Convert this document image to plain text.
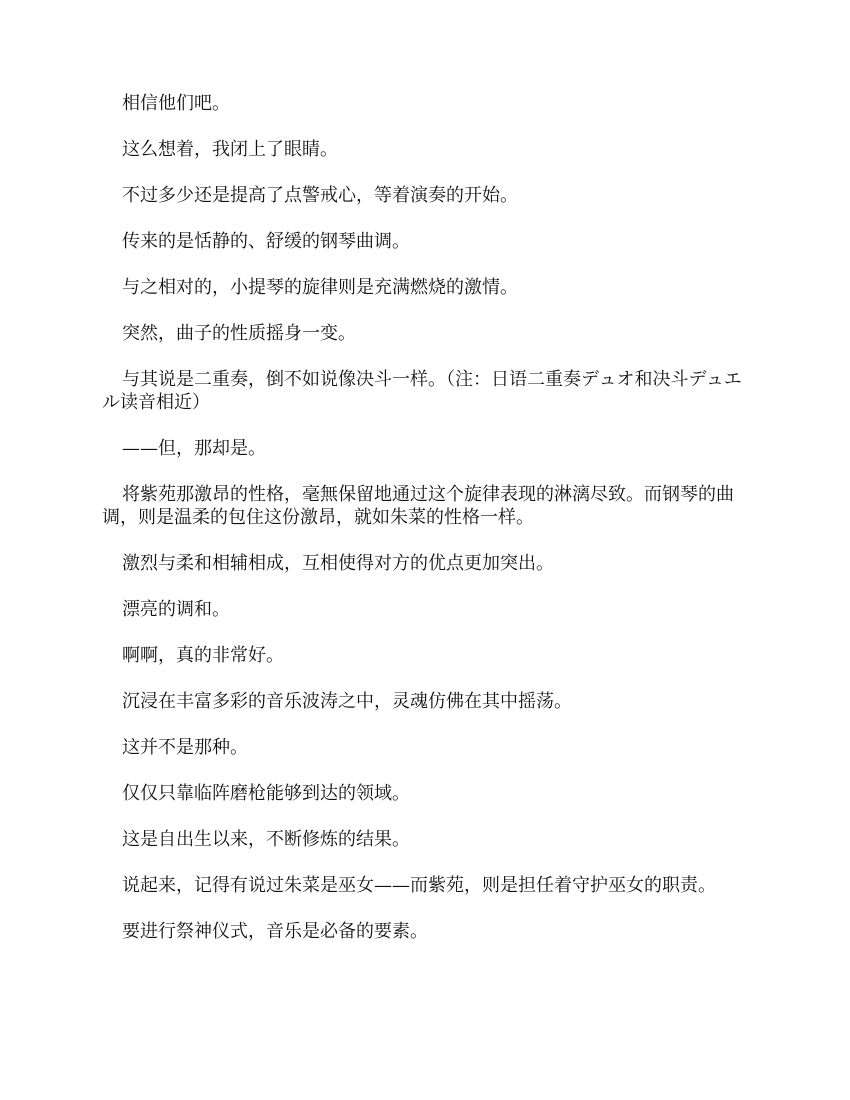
相信他们吧。

这么想着，我闭上了眼睛。

不过多少还是提高了点警戒心，等着演奏的开始。

传来的是恬静的、舒缓的钢琴曲调。

与之相对的，小提琴的旋律则是充满燃烧的激情。

突然，曲子的性质摇身一变。

与其说是二重奏，倒不如说像决斗一样。（注：日语二重奏デュオ和决斗デュエル读音相近）

——但，那却是。

将紫苑那激昂的性格，毫無保留地通过这个旋律表现的淋漓尽致。而钢琴的曲调，则是温柔的包住这份激昂，就如朱菜的性格一样。

激烈与柔和相辅相成，互相使得对方的优点更加突出。

漂亮的调和。

啊啊，真的非常好。

沉浸在丰富多彩的音乐波涛之中，灵魂仿佛在其中摇荡。

这并不是那种。

仅仅只靠临阵磨枪能够到达的领域。

这是自出生以来，不断修炼的结果。

说起来，记得有说过朱菜是巫女——而紫苑，则是担任着守护巫女的职责。

要进行祭神仪式，音乐是必备的要素。
